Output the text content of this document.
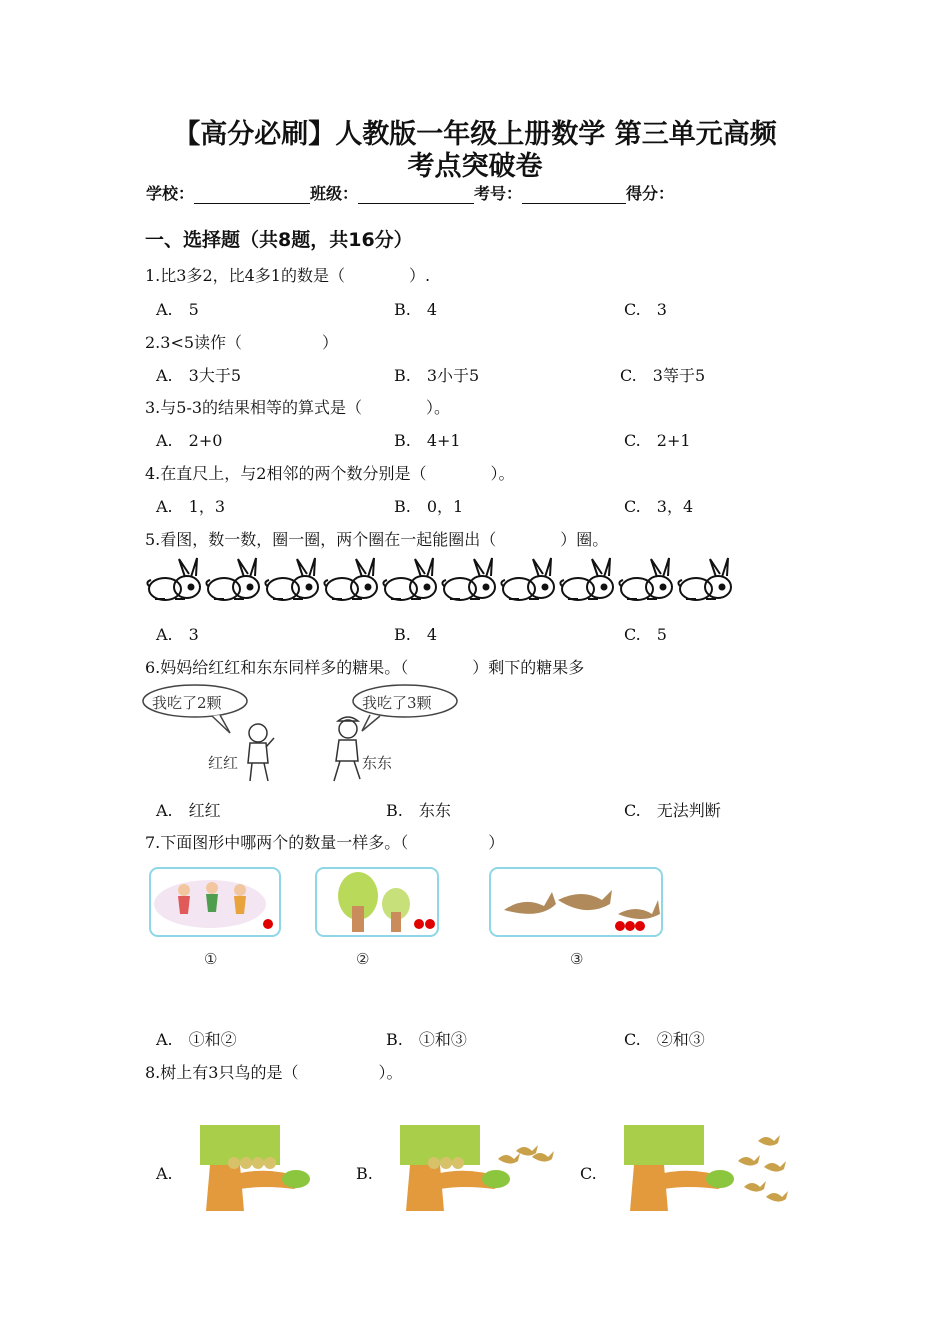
【高分必刷】人教版一年级上册数学 第三单元高频
考点突破卷
学校：	班级：	考号：	得分：
一、选择题（共8题，共16分）
1.比3多2，比4多1的数是（　　　　）.
A.　5	B.　4	C.　3
2.3<5读作（　　　　　）
A.　3大于5	B.　3小于5	C.　3等于5
3.与5-3的结果相等的算式是（　　　　）。
A.　2+0	B.　4+1	C.　2+1
4.在直尺上，与2相邻的两个数分别是（　　　　）。
A.　1，3	B.　0，1	C.　3，4
5.看图，数一数，圈一圈，两个圈在一起能圈出（　　　　）圈。
A.　3	B.　4	C.　5
6.妈妈给红红和东东同样多的糖果。（　　　　）剩下的糖果多
我吃了2颗	我吃了3颗
红红	东东
A.　红红	B.　东东	C.　无法判断
7.下面图形中哪两个的数量一样多。（　　　　　）
①	②	③
A.　①和②	B.　①和③	C.　②和③
8.树上有3只鸟的是（　　　　　）。
A.	B.	C.
